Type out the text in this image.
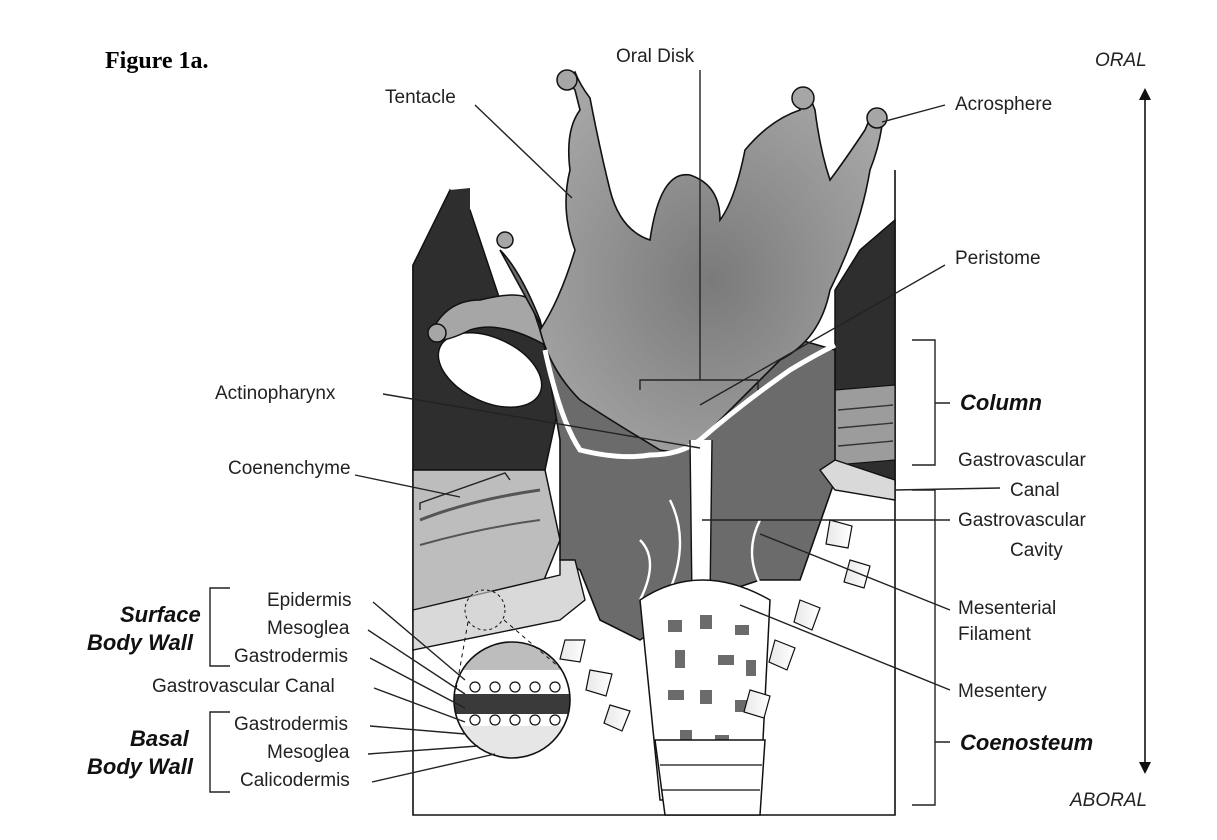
Figure 1a.	ORAL
ABORAL
Oral Disk
Tentacle	Acrosphere
Peristome
Actinopharynx	Column
Coenenchyme	Gastrovascular
Canal
Gastrovascular
Cavity
Mesenterial
Filament
Mesentery
Coenosteum
Surface
Body Wall
Epidermis
Mesoglea
Gastrodermis
Gastrovascular Canal
Basal
Body Wall
Gastrodermis
Mesoglea
Calicodermis
